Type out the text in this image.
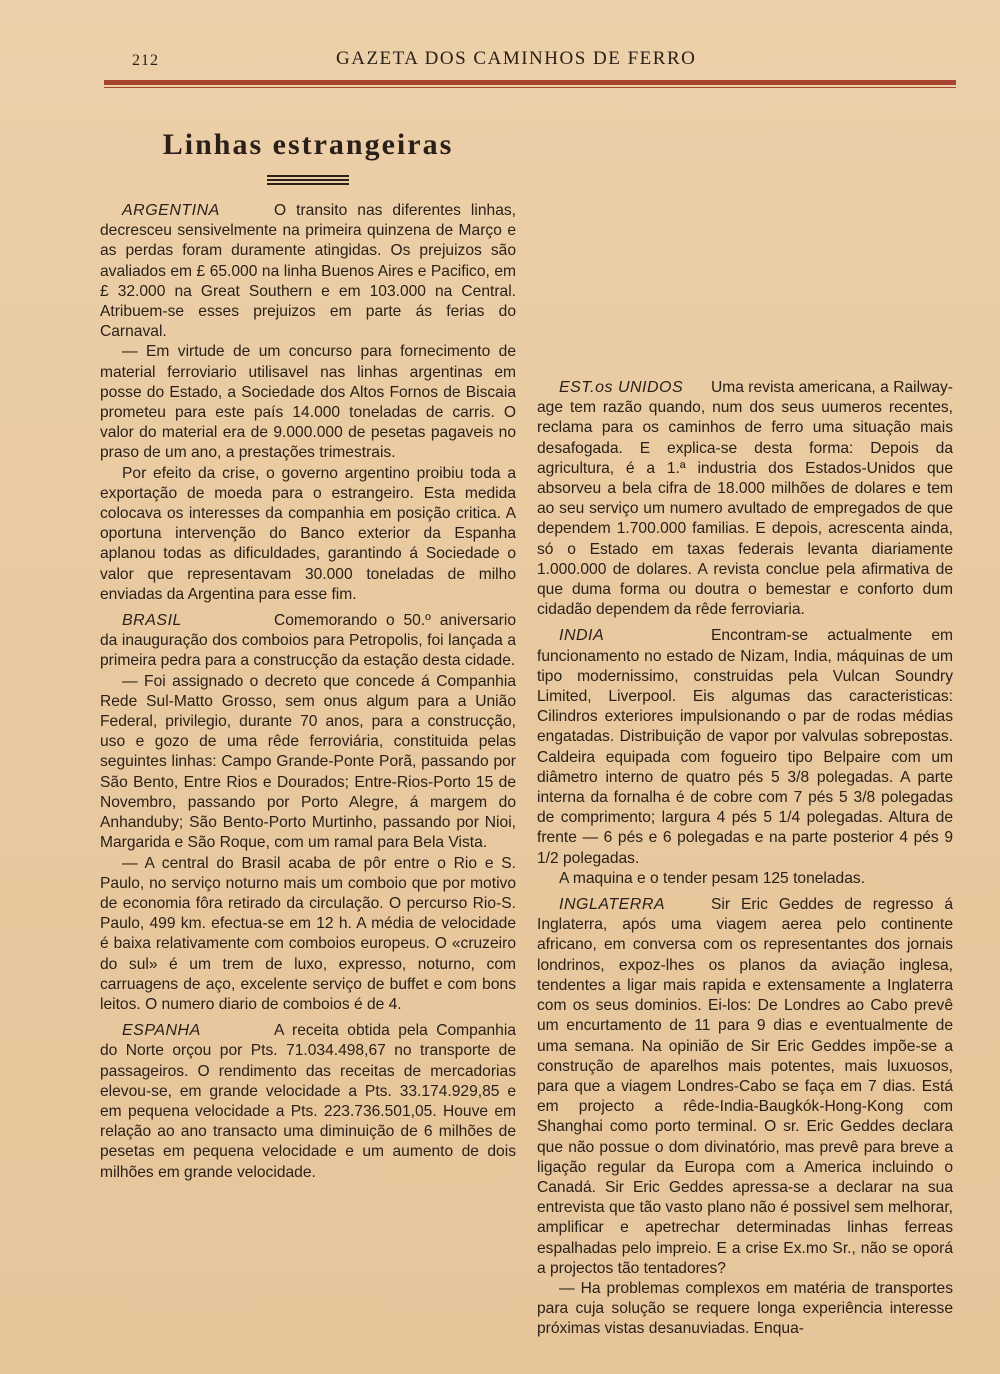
212	GAZETA DOS CAMINHOS DE FERRO
Linhas estrangeiras
ARGENTINA	O transito nas diferentes linhas, decresceu sensivelmente na primeira quinzena de Março e as perdas foram duramente atingidas. Os prejuizos são avaliados em £ 65.000 na linha Buenos Aires e Pacifico, em £ 32.000 na Great Southern e em 103.000 na Central. Atribuem-se esses prejuizos em parte ás ferias do Carnaval.

— Em virtude de um concurso para fornecimento de material ferroviario utilisavel nas linhas argentinas em posse do Estado, a Sociedade dos Altos Fornos de Biscaia prometeu para este país 14.000 toneladas de carris. O valor do material era de 9.000.000 de pesetas pagaveis no praso de um ano, a prestações trimestrais.

Por efeito da crise, o governo argentino proibiu toda a exportação de moeda para o estrangeiro. Esta medida colocava os interesses da companhia em posição critica. A oportuna intervenção do Banco exterior da Espanha aplanou todas as dificuldades, garantindo á Sociedade o valor que representavam 30.000 toneladas de milho enviadas da Argentina para esse fim.

BRASIL	Comemorando o 50.º aniversario da inauguração dos comboios para Petropolis, foi lançada a primeira pedra para a construcção da estação desta cidade.

— Foi assignado o decreto que concede á Companhia Rede Sul-Matto Grosso, sem onus algum para a União Federal, privilegio, durante 70 anos, para a construcção, uso e gozo de uma rêde ferroviária, constituida pelas seguintes linhas: Campo Grande-Ponte Porã, passando por São Bento, Entre Rios e Dourados; Entre-Rios-Porto 15 de Novembro, passando por Porto Alegre, á margem do Anhanduby; São Bento-Porto Murtinho, passando por Nioi, Margarida e São Roque, com um ramal para Bela Vista.

— A central do Brasil acaba de pôr entre o Rio e S. Paulo, no serviço noturno mais um comboio que por motivo de economia fôra retirado da circulação. O percurso Rio-S. Paulo, 499 km. efectua-se em 12 h. A média de velocidade é baixa relativamente com comboios europeus. O «cruzeiro do sul» é um trem de luxo, expresso, noturno, com carruagens de aço, excelente serviço de buffet e com bons leitos. O numero diario de comboios é de 4.

ESPANHA	A receita obtida pela Companhia do Norte orçou por Pts. 71.034.498,67 no transporte de passageiros. O rendimento das receitas de mercadorias elevou-se, em grande velocidade a Pts. 33.174.929,85 e em pequena velocidade a Pts. 223.736.501,05. Houve em relação ao ano transacto uma diminuição de 6 milhões de pesetas em pequena velocidade e um aumento de dois milhões em grande velocidade.

EST.os UNIDOS	Uma revista americana, a Railway-age tem razão quando, num dos seus uumeros recentes, reclama para os caminhos de ferro uma situação mais desafogada. E explica-se desta forma: Depois da agricultura, é a 1.ª industria dos Estados-Unidos que absorveu a bela cifra de 18.000 milhões de dolares e tem ao seu serviço um numero avultado de empregados de que dependem 1.700.000 familias. E depois, acrescenta ainda, só o Estado em taxas federais levanta diariamente 1.000.000 de dolares. A revista conclue pela afirmativa de que duma forma ou doutra o bemestar e conforto dum cidadão dependem da rêde ferroviaria.

INDIA	Encontram-se actualmente em funcionamento no estado de Nizam, India, máquinas de um tipo modernissimo, construidas pela Vulcan Soundry Limited, Liverpool. Eis algumas das caracteristicas: Cilindros exteriores impulsionando o par de rodas médias engatadas. Distribuição de vapor por valvulas sobrepostas. Caldeira equipada com fogueiro tipo Belpaire com um diâmetro interno de quatro pés 5 3/8 polegadas. A parte interna da fornalha é de cobre com 7 pés 5 3/8 polegadas de comprimento; largura 4 pés 5 1/4 polegadas. Altura de frente — 6 pés e 6 polegadas e na parte posterior 4 pés 9 1/2 polegadas.

A maquina e o tender pesam 125 toneladas.

INGLATERRA	Sir Eric Geddes de regresso á Inglaterra, após uma viagem aerea pelo continente africano, em conversa com os representantes dos jornais londrinos, expoz-lhes os planos da aviação inglesa, tendentes a ligar mais rapida e extensamente a Inglaterra com os seus dominios. Ei-los: De Londres ao Cabo prevê um encurtamento de 11 para 9 dias e eventualmente de uma semana. Na opinião de Sir Eric Geddes impõe-se a construção de aparelhos mais potentes, mais luxuosos, para que a viagem Londres-Cabo se faça em 7 dias. Está em projecto a rêde-India-Baugkók-Hong-Kong com Shanghai como porto terminal. O sr. Eric Geddes declara que não possue o dom divinatório, mas prevê para breve a ligação regular da Europa com a America incluindo o Canadá. Sir Eric Geddes apressa-se a declarar na sua entrevista que tão vasto plano não é possivel sem melhorar, amplificar e apetrechar determinadas linhas ferreas espalhadas pelo impreio. E a crise Ex.mo Sr., não se oporá a projectos tão tentadores?

— Ha problemas complexos em matéria de transportes para cuja solução se requere longa experiência interesse próximas vistas desanuviadas. Enqua-
